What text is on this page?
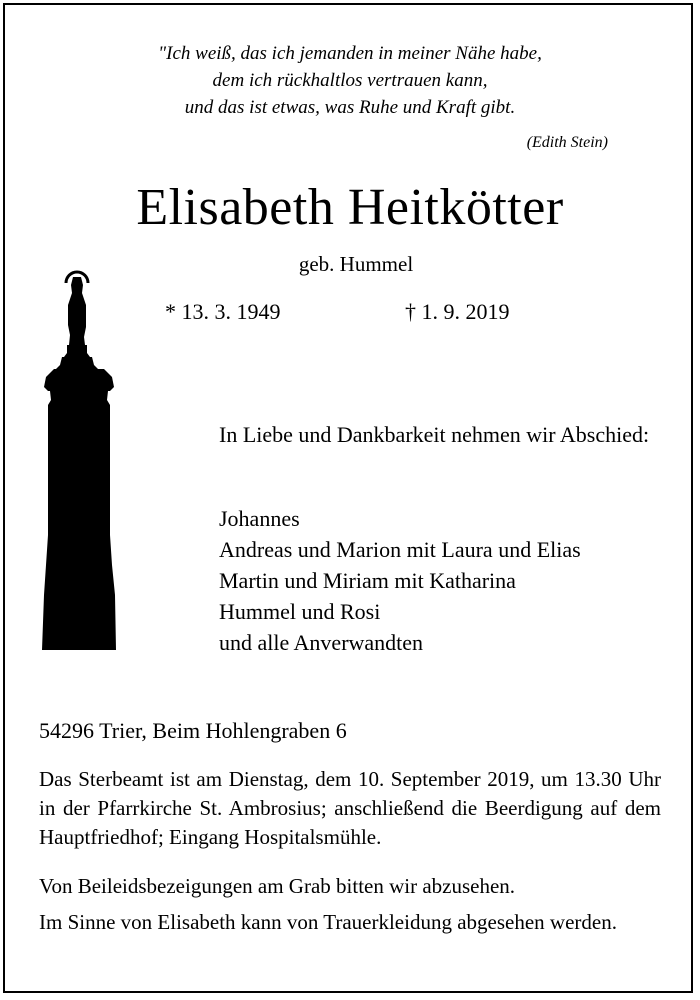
"Ich weiß, das ich jemanden in meiner Nähe habe,
dem ich rückhaltlos vertrauen kann,
und das ist etwas, was Ruhe und Kraft gibt.
(Edith Stein)
Elisabeth Heitkötter
geb. Hummel
* 13. 3. 1949	† 1. 9. 2019
In Liebe und Dankbarkeit nehmen wir Abschied:
Johannes
Andreas und Marion mit Laura und Elias
Martin und Miriam mit Katharina
Hummel und Rosi
und alle Anverwandten
54296 Trier, Beim Hohlengraben 6
Das Sterbeamt ist am Dienstag, dem 10. September 2019, um 13.30 Uhr in der Pfarrkirche St. Ambrosius; anschließend die Beerdigung auf dem Hauptfriedhof; Eingang Hospitalsmühle.
Von Beileidsbezeigungen am Grab bitten wir abzusehen.
Im Sinne von Elisabeth kann von Trauerkleidung abgesehen werden.
